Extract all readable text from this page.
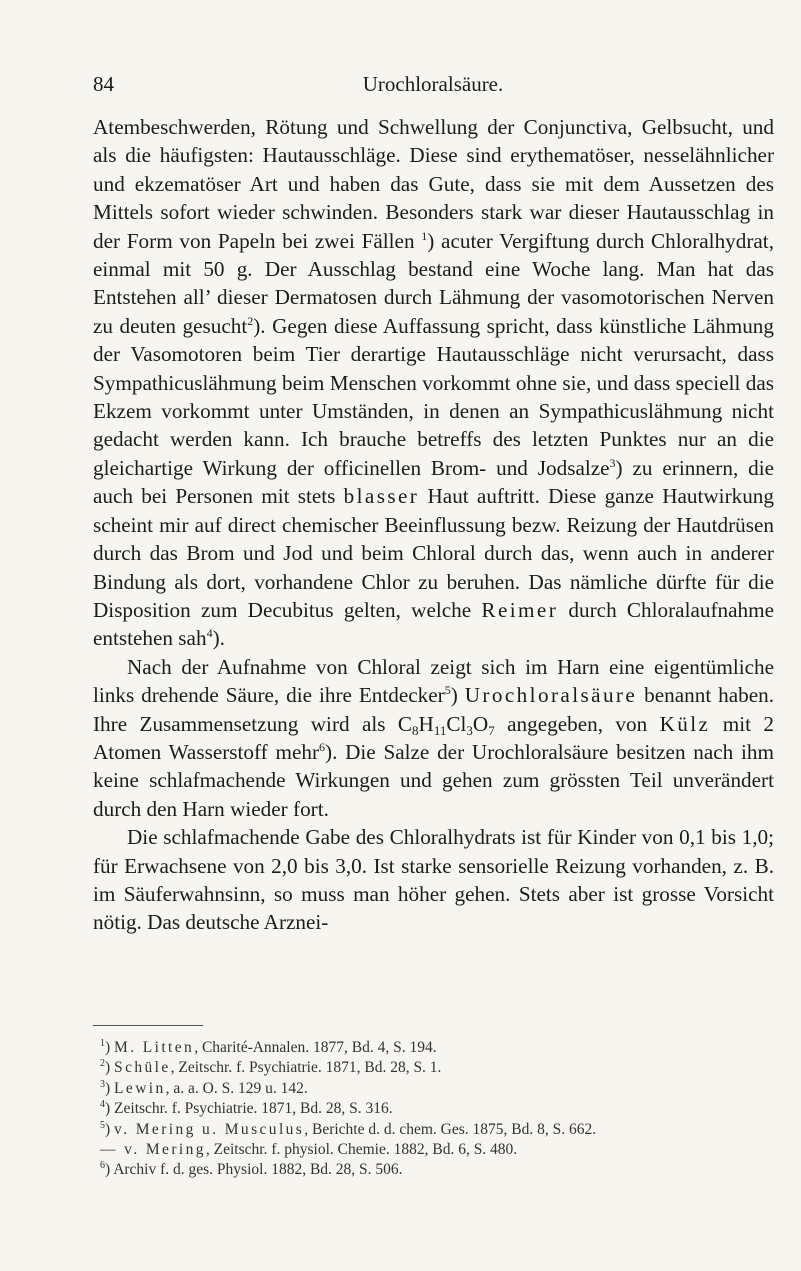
84	Urochloralsäure.

Atembeschwerden, Rötung und Schwellung der Conjunctiva, Gelbsucht, und als die häufigsten: Hautausschläge. Diese sind erythematöser, nesselähnlicher und ekzematöser Art und haben das Gute, dass sie mit dem Aussetzen des Mittels sofort wieder schwinden. Besonders stark war dieser Hautausschlag in der Form von Papeln bei zwei Fällen $^1$) acuter Vergiftung durch Chloralhydrat, einmal mit 50 g. Der Ausschlag bestand eine Woche lang. Man hat das Entstehen all’ dieser Dermatosen durch Lähmung der vasomotorischen Nerven zu deuten gesucht$^2$). Gegen diese Auffassung spricht, dass künstliche Lähmung der Vasomotoren beim Tier derartige Hautausschläge nicht verursacht, dass Sympathicuslähmung beim Menschen vorkommt ohne sie, und dass speciell das Ekzem vorkommt unter Umständen, in denen an Sympathicuslähmung nicht gedacht werden kann. Ich brauche betreffs des letzten Punktes nur an die gleichartige Wirkung der officinellen Brom- und Jodsalze$^3$) zu erinnern, die auch bei Personen mit stets blasser Haut auftritt. Diese ganze Hautwirkung scheint mir auf direct chemischer Beeinflussung bezw. Reizung der Hautdrüsen durch das Brom und Jod und beim Chloral durch das, wenn auch in anderer Bindung als dort, vorhandene Chlor zu beruhen. Das nämliche dürfte für die Disposition zum Decubitus gelten, welche Reimer durch Chloralaufnahme entstehen sah$^4$).

Nach der Aufnahme von Chloral zeigt sich im Harn eine eigentümliche links drehende Säure, die ihre Entdecker$^5$) Urochloralsäure benannt haben. Ihre Zusammensetzung wird als $C_8H_{11}Cl_3O_7$ angegeben, von Külz mit 2 Atomen Wasserstoff mehr$^6$). Die Salze der Urochloralsäure besitzen nach ihm keine schlafmachende Wirkungen und gehen zum grössten Teil unverändert durch den Harn wieder fort.

Die schlafmachende Gabe des Chloralhydrats ist für Kinder von 0,1 bis 1,0; für Erwachsene von 2,0 bis 3,0. Ist starke sensorielle Reizung vorhanden, z. B. im Säuferwahnsinn, so muss man höher gehen. Stets aber ist grosse Vorsicht nötig. Das deutsche Arznei-

$^1$) M. Litten, Charité-Annalen. 1877, Bd. 4, S. 194.
$^2$) Schüle, Zeitschr. f. Psychiatrie. 1871, Bd. 28, S. 1.
$^3$) Lewin, a. a. O. S. 129 u. 142.
$^4$) Zeitschr. f. Psychiatrie. 1871, Bd. 28, S. 316.
$^5$) v. Mering u. Musculus, Berichte d. d. chem. Ges. 1875, Bd. 8, S. 662.
— v. Mering, Zeitschr. f. physiol. Chemie. 1882, Bd. 6, S. 480.
$^6$) Archiv f. d. ges. Physiol. 1882, Bd. 28, S. 506.
